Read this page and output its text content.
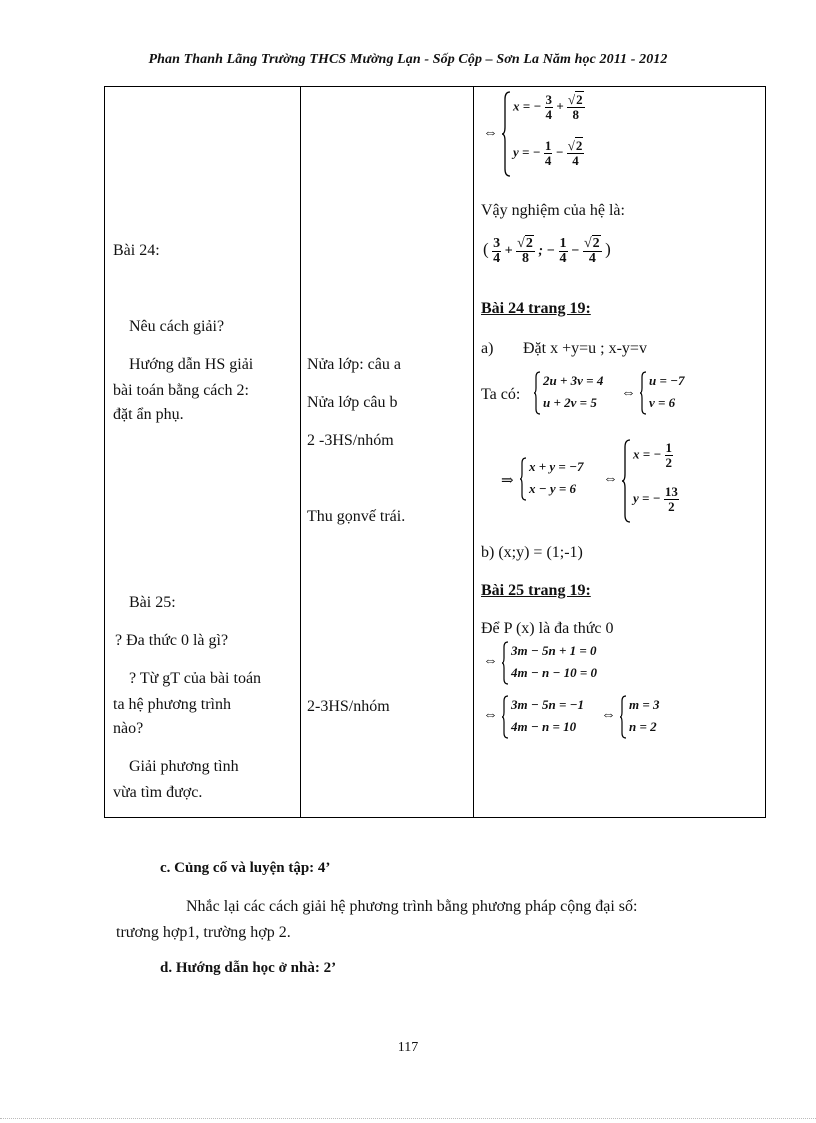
Phan Thanh Lãng Trường THCS Mường Lạn - Sốp Cộp – Sơn La Năm học 2011 - 2012
Bài 24:
Nêu cách giải?
Hướng dẫn HS giải
bài toán bằng cách 2:
đặt ẩn phụ.
Bài 25:
? Đa thức 0 là gì?
? Từ gT của bài toán
ta hệ phương trình
nào?
Giải phương tình
vừa tìm được.
Nửa lớp: câu a
Nửa lớp câu b
2 -3HS/nhóm
Thu gọnvế trái.
2-3HS/nhóm
⇔
x = − $\frac{3}{4} + \frac{√2}{8}$
y = − $\frac{1}{4} - \frac{√2}{4}$
Vậy nghiệm của hệ là:
( $\frac{3}{4} + \frac{√2}{8}$ ; − $\frac{1}{4} - \frac{√2}{4}$ )
Bài 24 trang 19:
a) Đặt x +y=u ; x-y=v
Ta có:
2u + 3v = 4
u + 2v = 5
⇔
u = −7
v = 6
⇒
x + y = −7
x − y = 6
⇔
x = − $\frac{1}{2}$
y = − $\frac{13}{2}$
b) (x;y) = (1;-1)
Bài 25 trang 19:
Để P (x) là đa thức 0
⇔
3m − 5n + 1 = 0
4m − n − 10 = 0
⇔
3m − 5n = −1
4m − n = 10
⇔
m = 3
n = 2
c. Củng cố và luyện tập: 4’
Nhắc lại các cách giải hệ phương trình bằng phương pháp cộng đại số:
trương hợp1, trường hợp 2.
d. Hướng dẫn học ở nhà: 2’
117
